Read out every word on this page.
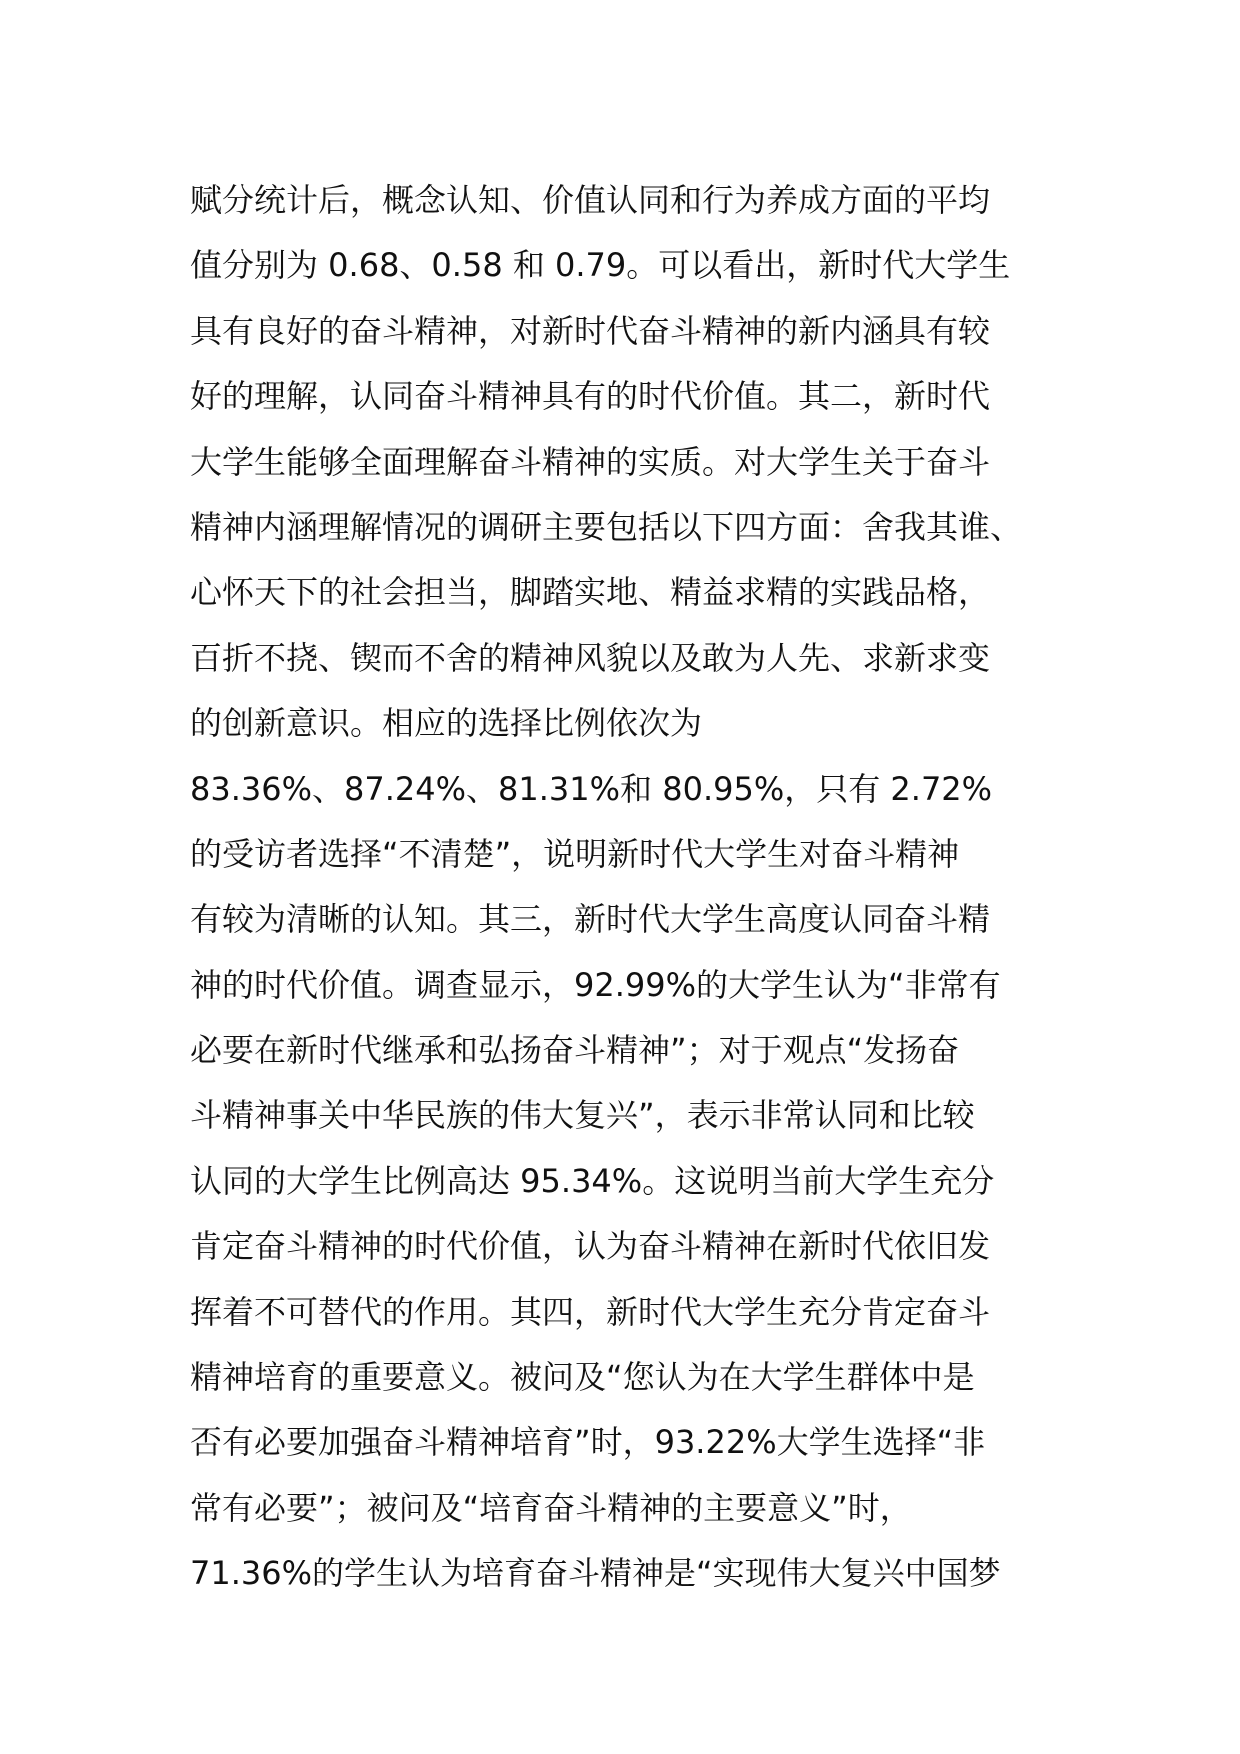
赋分统计后，概念认知、价值认同和行为养成方面的平均
值分别为 0.68、0.58 和 0.79。可以看出，新时代大学生
具有良好的奋斗精神，对新时代奋斗精神的新内涵具有较
好的理解，认同奋斗精神具有的时代价值。其二，新时代
大学生能够全面理解奋斗精神的实质。对大学生关于奋斗
精神内涵理解情况的调研主要包括以下四方面：舍我其谁、
心怀天下的社会担当，脚踏实地、精益求精的实践品格，
百折不挠、锲而不舍的精神风貌以及敢为人先、求新求变
的创新意识。相应的选择比例依次为
83.36%、87.24%、81.31%和 80.95%，只有 2.72%
的受访者选择“不清楚”，说明新时代大学生对奋斗精神
有较为清晰的认知。其三，新时代大学生高度认同奋斗精
神的时代价值。调查显示，92.99%的大学生认为“非常有
必要在新时代继承和弘扬奋斗精神”；对于观点“发扬奋
斗精神事关中华民族的伟大复兴”，表示非常认同和比较
认同的大学生比例高达 95.34%。这说明当前大学生充分
肯定奋斗精神的时代价值，认为奋斗精神在新时代依旧发
挥着不可替代的作用。其四，新时代大学生充分肯定奋斗
精神培育的重要意义。被问及“您认为在大学生群体中是
否有必要加强奋斗精神培育”时，93.22%大学生选择“非
常有必要”；被问及“培育奋斗精神的主要意义”时，
71.36%的学生认为培育奋斗精神是“实现伟大复兴中国梦
